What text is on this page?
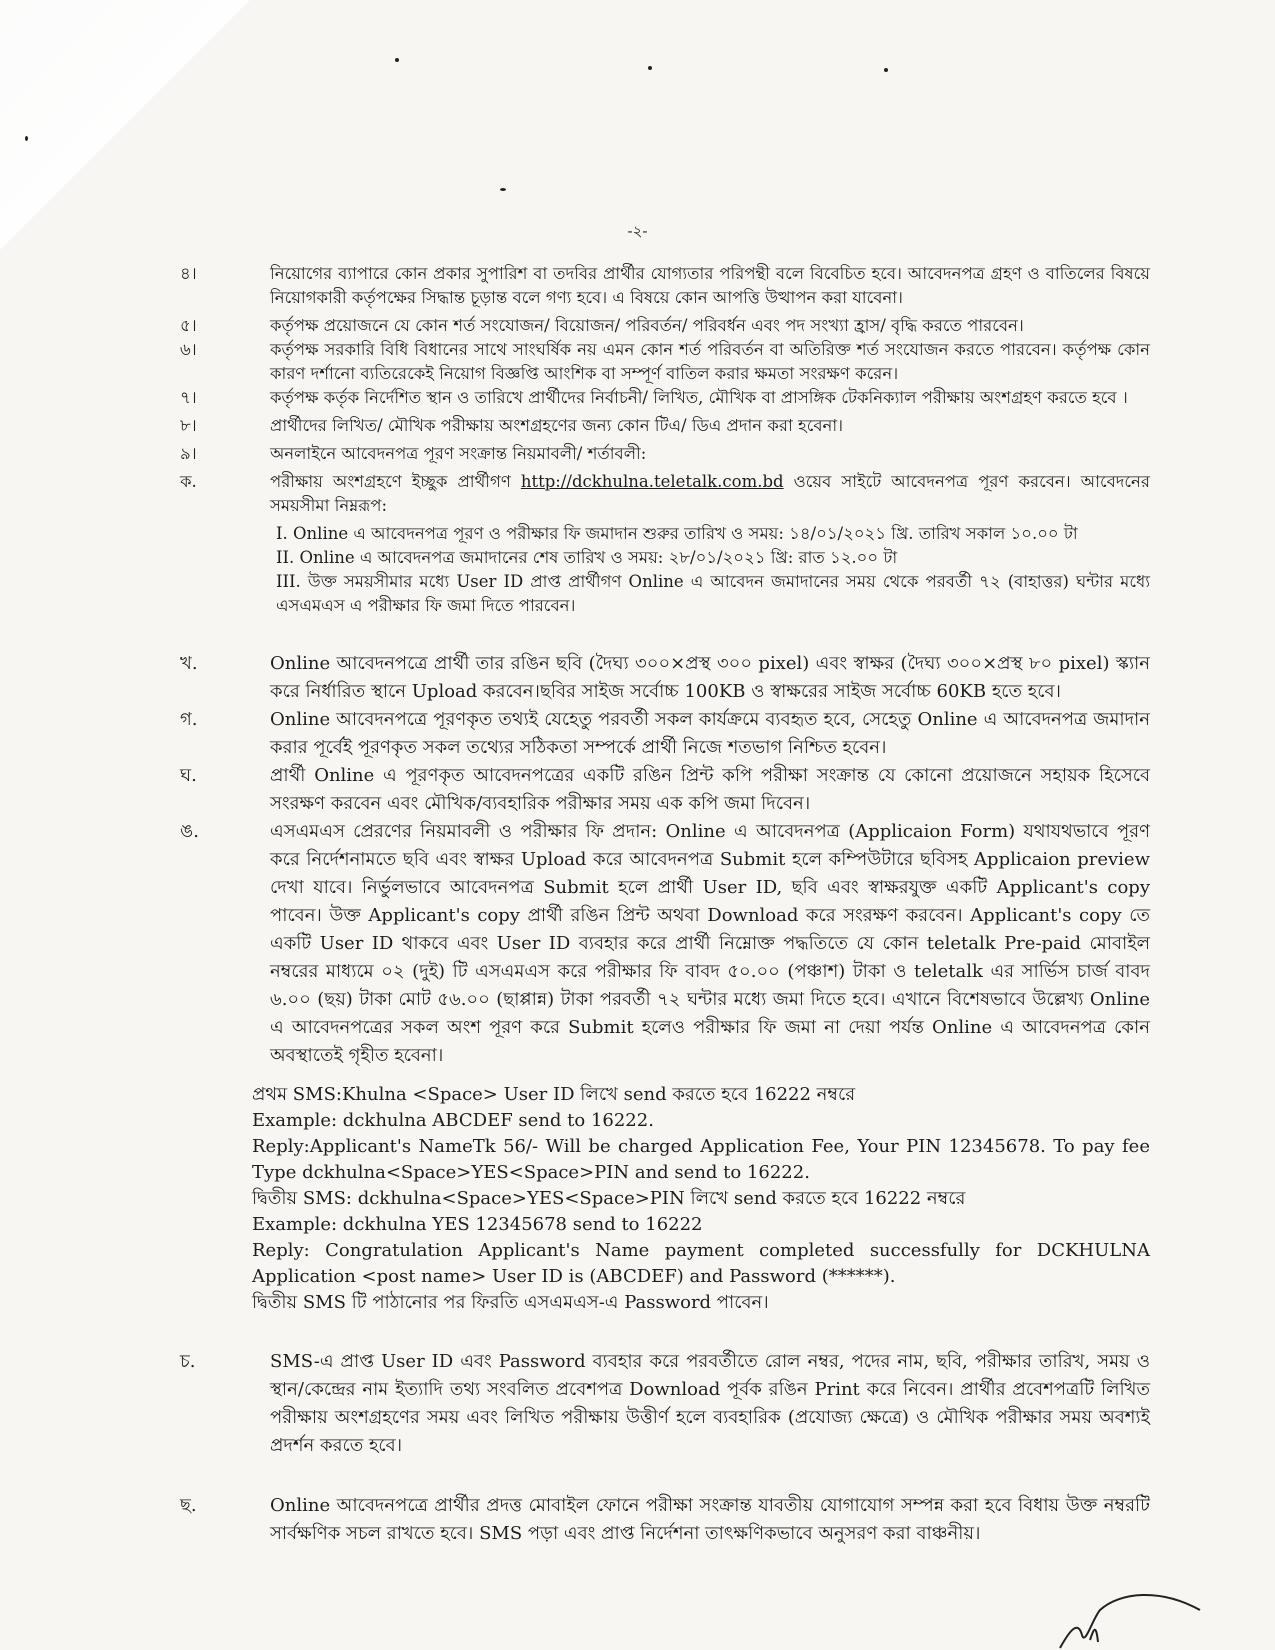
-২-
৪।	নিয়োগের ব্যাপারে কোন প্রকার সুপারিশ বা তদবির প্রার্থীর যোগ্যতার পরিপন্থী বলে বিবেচিত হবে। আবেদনপত্র গ্রহণ ও বাতিলের বিষয়ে নিয়োগকারী কর্তৃপক্ষের সিদ্ধান্ত চূড়ান্ত বলে গণ্য হবে। এ বিষয়ে কোন আপত্তি উত্থাপন করা যাবেনা।
৫।	কর্তৃপক্ষ প্রয়োজনে যে কোন শর্ত সংযোজন/ বিয়োজন/ পরিবর্তন/ পরিবর্ধন এবং পদ সংখ্যা হ্রাস/ বৃদ্ধি করতে পারবেন।
৬।	কর্তৃপক্ষ সরকারি বিধি বিধানের সাথে সাংঘর্ষিক নয় এমন কোন শর্ত পরিবর্তন বা অতিরিক্ত শর্ত সংযোজন করতে পারবেন। কর্তৃপক্ষ কোন কারণ দর্শানো ব্যতিরেকেই নিয়োগ বিজ্ঞপ্তি আংশিক বা সম্পূর্ণ বাতিল করার ক্ষমতা সংরক্ষণ করেন।
৭।	কর্তৃপক্ষ কর্তৃক নির্দেশিত স্থান ও তারিখে প্রার্থীদের নির্বাচনী/ লিখিত, মৌখিক বা প্রাসঙ্গিক টেকনিক্যাল পরীক্ষায় অংশগ্রহণ করতে হবে ।
৮।	প্রার্থীদের লিখিত/ মৌখিক পরীক্ষায় অংশগ্রহণের জন্য কোন টিএ/ ডিএ প্রদান করা হবেনা।
৯।	অনলাইনে আবেদনপত্র পূরণ সংক্রান্ত নিয়মাবলী/ শর্তাবলী:
ক.	পরীক্ষায় অংশগ্রহণে ইচ্ছুক প্রার্থীগণ http://dckhulna.teletalk.com.bd ওয়েব সাইটে আবেদনপত্র পূরণ করবেন। আবেদনের সময়সীমা নিম্নরূপ:
I. Online এ আবেদনপত্র পূরণ ও পরীক্ষার ফি জমাদান শুরুর তারিখ ও সময়: ১৪/০১/২০২১ খ্রি. তারিখ সকাল ১০.০০ টা
II. Online এ আবেদনপত্র জমাদানের শেষ তারিখ ও সময়: ২৮/০১/২০২১ খ্রি: রাত ১২.০০ টা
III. উক্ত সময়সীমার মধ্যে User ID প্রাপ্ত প্রার্থীগণ Online এ আবেদন জমাদানের সময় থেকে পরবর্তী ৭২ (বাহাত্তর) ঘন্টার মধ্যে এসএমএস এ পরীক্ষার ফি জমা দিতে পারবেন।
খ.	Online আবেদনপত্রে প্রার্থী তার রঙিন ছবি (দৈঘ্য ৩০০×প্রস্থ ৩০০ pixel) এবং স্বাক্ষর (দৈঘ্য ৩০০×প্রস্থ ৮০ pixel) স্ক্যান করে নির্ধারিত স্থানে Upload করবেন।ছবির সাইজ সর্বোচ্চ 100KB ও স্বাক্ষরের সাইজ সর্বোচ্চ 60KB হতে হবে।
গ.	Online আবেদনপত্রে পূরণকৃত তথ্যই যেহেতু পরবর্তী সকল কার্যক্রমে ব্যবহৃত হবে, সেহেতু Online এ আবেদনপত্র জমাদান করার পূর্বেই পূরণকৃত সকল তথ্যের সঠিকতা সম্পর্কে প্রার্থী নিজে শতভাগ নিশ্চিত হবেন।
ঘ.	প্রার্থী Online এ পূরণকৃত আবেদনপত্রের একটি রঙিন প্রিন্ট কপি পরীক্ষা সংক্রান্ত যে কোনো প্রয়োজনে সহায়ক হিসেবে সংরক্ষণ করবেন এবং মৌখিক/ব্যবহারিক পরীক্ষার সময় এক কপি জমা দিবেন।
ঙ.	এসএমএস প্রেরণের নিয়মাবলী ও পরীক্ষার ফি প্রদান: Online এ আবেদনপত্র (Applicaion Form) যথাযথভাবে পূরণ করে নির্দেশনামতে ছবি এবং স্বাক্ষর Upload করে আবেদনপত্র Submit হলে কম্পিউটারে ছবিসহ Applicaion preview দেখা যাবে। নির্ভুলভাবে আবেদনপত্র Submit হলে প্রার্থী User ID, ছবি এবং স্বাক্ষরযুক্ত একটি Applicant's copy পাবেন। উক্ত Applicant's copy প্রার্থী রঙিন প্রিন্ট অথবা Download করে সংরক্ষণ করবেন। Applicant's copy তে একটি User ID থাকবে এবং User ID ব্যবহার করে প্রার্থী নিম্নোক্ত পদ্ধতিতে যে কোন teletalk Pre-paid মোবাইল নম্বরের মাধ্যমে ০২ (দুই) টি এসএমএস করে পরীক্ষার ফি বাবদ ৫০.০০ (পঞ্চাশ) টাকা ও teletalk এর সার্ভিস চার্জ বাবদ ৬.০০ (ছয়) টাকা মোট ৫৬.০০ (ছাপ্পান্ন) টাকা পরবর্তী ৭২ ঘন্টার মধ্যে জমা দিতে হবে। এখানে বিশেষভাবে উল্লেখ্য Online এ আবেদনপত্রের সকল অংশ পূরণ করে Submit হলেও পরীক্ষার ফি জমা না দেয়া পর্যন্ত Online এ আবেদনপত্র কোন অবস্থাতেই গৃহীত হবেনা।
প্রথম SMS:Khulna <Space> User ID লিখে send করতে হবে 16222 নম্বরে
Example: dckhulna ABCDEF send to 16222.
Reply:Applicant's NameTk 56/- Will be charged Application Fee, Your PIN 12345678. To pay fee Type dckhulna<Space>YES<Space>PIN and send to 16222.
দ্বিতীয় SMS: dckhulna<Space>YES<Space>PIN লিখে send করতে হবে 16222 নম্বরে
Example: dckhulna YES 12345678 send to 16222
Reply: Congratulation Applicant's Name payment completed successfully for DCKHULNA Application <post name> User ID is (ABCDEF) and Password (******).
দ্বিতীয় SMS টি পাঠানোর পর ফিরতি এসএমএস-এ Password পাবেন।
চ.	SMS-এ প্রাপ্ত User ID এবং Password ব্যবহার করে পরবর্তীতে রোল নম্বর, পদের নাম, ছবি, পরীক্ষার তারিখ, সময় ও স্থান/কেন্দ্রের নাম ইত্যাদি তথ্য সংবলিত প্রবেশপত্র Download পূর্বক রঙিন Print করে নিবেন। প্রার্থীর প্রবেশপত্রটি লিখিত পরীক্ষায় অংশগ্রহণের সময় এবং লিখিত পরীক্ষায় উত্তীর্ণ হলে ব্যবহারিক (প্রযোজ্য ক্ষেত্রে) ও মৌখিক পরীক্ষার সময় অবশ্যই প্রদর্শন করতে হবে।
ছ.	Online আবেদনপত্রে প্রার্থীর প্রদত্ত মোবাইল ফোনে পরীক্ষা সংক্রান্ত যাবতীয় যোগাযোগ সম্পন্ন করা হবে বিধায় উক্ত নম্বরটি সার্বক্ষণিক সচল রাখতে হবে। SMS পড়া এবং প্রাপ্ত নির্দেশনা তাৎক্ষণিকভাবে অনুসরণ করা বাঞ্চনীয়।
